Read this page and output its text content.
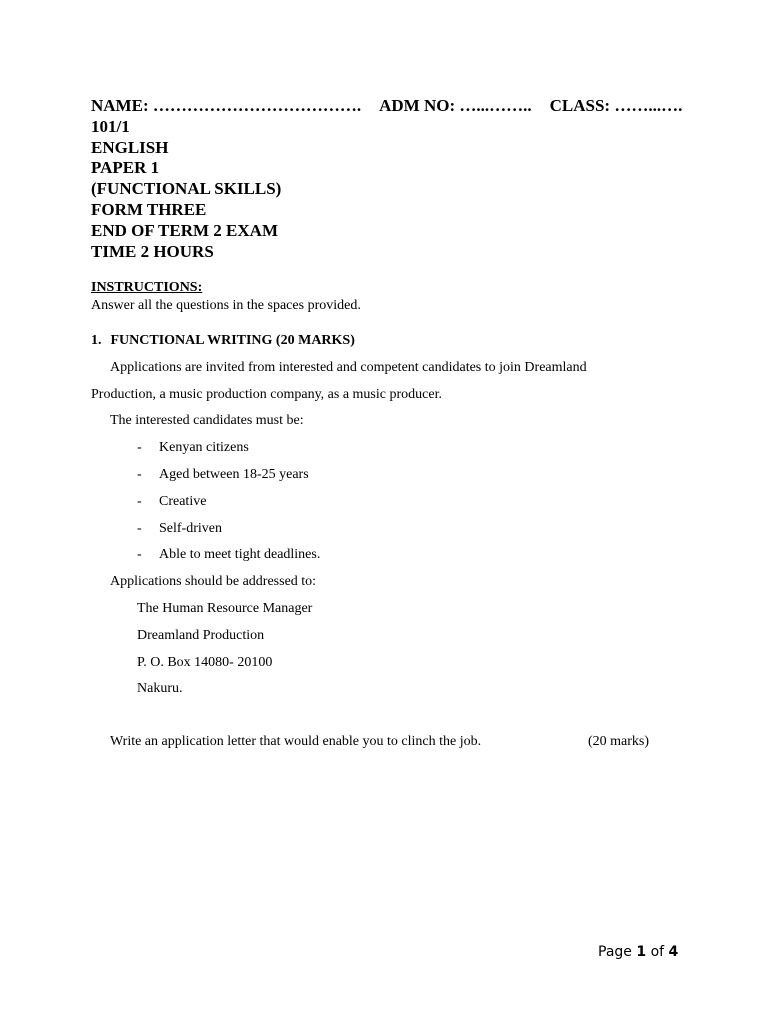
NAME: ………………………………. ADM NO: …...…….. CLASS: ……...….
101/1
ENGLISH
PAPER 1
(FUNCTIONAL SKILLS)
FORM THREE
END OF TERM 2 EXAM
TIME 2 HOURS
INSTRUCTIONS:
Answer all the questions in the spaces provided.
1. FUNCTIONAL WRITING (20 MARKS)
Applications are invited from interested and competent candidates to join Dreamland
Production, a music production company, as a music producer.
The interested candidates must be:
- Kenyan citizens
- Aged between 18-25 years
- Creative
- Self-driven
- Able to meet tight deadlines.
Applications should be addressed to:
The Human Resource Manager
Dreamland Production
P. O. Box 14080- 20100
Nakuru.
Write an application letter that would enable you to clinch the job.	(20 marks)
Page 1 of 4
